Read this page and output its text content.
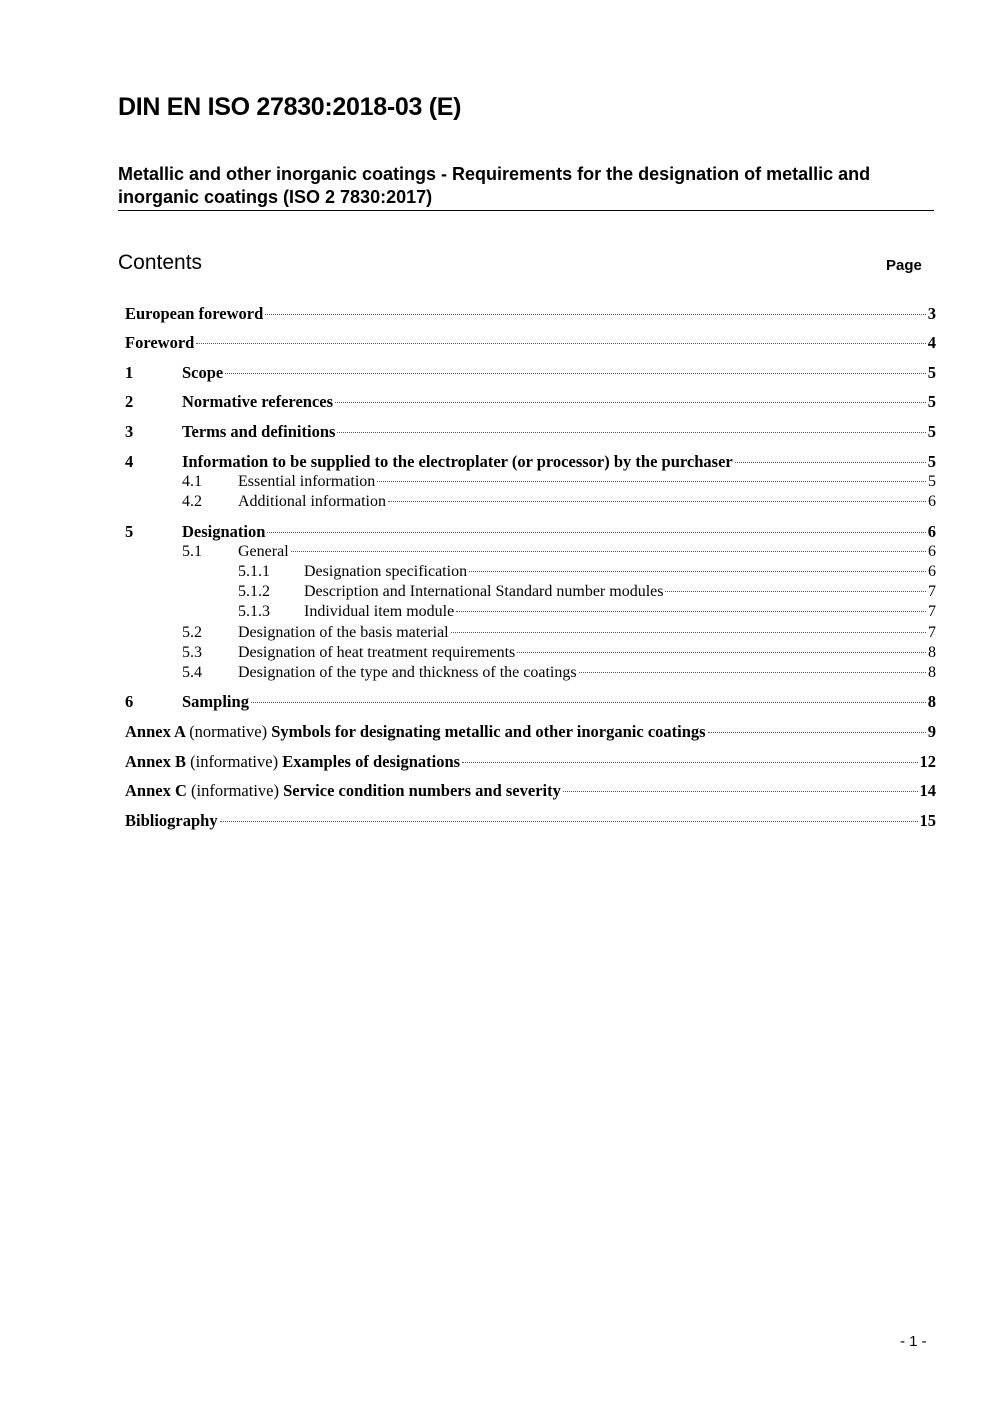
DIN EN ISO 27830:2018-03 (E)
Metallic and other inorganic coatings - Requirements for the designation of metallic and inorganic coatings (ISO 2 7830:2017)
Contents	Page
European foreword	3
Foreword	4
1	Scope	5
2	Normative references	5
3	Terms and definitions	5
4	Information to be supplied to the electroplater (or processor) by the purchaser	5
4.1	Essential information	5
4.2	Additional information	6
5	Designation	6
5.1	General	6
5.1.1	Designation specification	6
5.1.2	Description and International Standard number modules	7
5.1.3	Individual item module	7
5.2	Designation of the basis material	7
5.3	Designation of heat treatment requirements	8
5.4	Designation of the type and thickness of the coatings	8
6	Sampling	8
Annex A (normative) Symbols for designating metallic and other inorganic coatings	9
Annex B (informative) Examples of designations	12
Annex C (informative) Service condition numbers and severity	14
Bibliography	15
- 1 -
